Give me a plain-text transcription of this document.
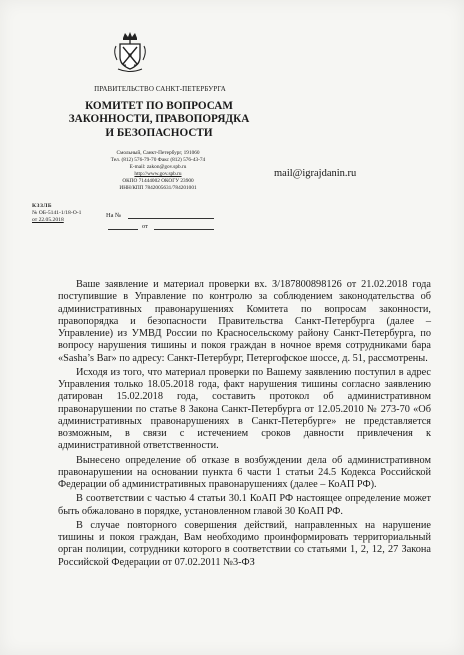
ПРАВИТЕЛЬСТВО САНКТ-ПЕТЕРБУРГА
КОМИТЕТ ПО ВОПРОСАМ
ЗАКОННОСТИ, ПРАВОПОРЯДКА
И БЕЗОПАСНОСТИ
Смольный, Санкт-Петербург, 191060
Тел. (812) 576-79-70 Факс (812) 576-43-74
E-mail: zakon@gov.spb.ru
http://www.gov.spb.ru
ОКПО 71444002 ОКОГУ 23900
ИНН/КПП 7842005631/784201001
mail@igrajdanin.ru
КЗЗЛБ
№ ОБ-5141-1/18-О-1
от 22.05.2018
На №
от

Ваше заявление и материал проверки вх. З/187800898126 от 21.02.2018 года поступившие в Управление по контролю за соблюдением законодательства об административных правонарушениях Комитета по вопросам законности, правопорядка и безопасности Правительства Санкт-Петербурга (далее – Управление) из УМВД России по Красносельскому району Санкт-Петербурга, по вопросу нарушения тишины и покоя граждан в ночное время сотрудниками бара «Sasha’s Bar» по адресу: Санкт-Петербург, Петергофское шоссе, д. 51, рассмотрены.

Исходя из того, что материал проверки по Вашему заявлению поступил в адрес Управления только 18.05.2018 года, факт нарушения тишины согласно заявлению датирован 15.02.2018 года, составить протокол об административном правонарушении по статье 8 Закона Санкт-Петербурга от 12.05.2010 № 273-70 «Об административных правонарушениях в Санкт-Петербурге» не представляется возможным, в связи с истечением сроков давности привлечения к административной ответственности.

Вынесено определение об отказе в возбуждении дела об административном правонарушении на основании пункта 6 части 1 статьи 24.5 Кодекса Российской Федерации об административных правонарушениях (далее – КоАП РФ).

В соответствии с частью 4 статьи 30.1 КоАП РФ настоящее определение может быть обжаловано в порядке, установленном главой 30 КоАП РФ.

В случае повторного совершения действий, направленных на нарушение тишины и покоя граждан, Вам необходимо проинформировать территориальный орган полиции, сотрудники которого в соответствии со статьями 1, 2, 12, 27 Закона Российской Федерации от 07.02.2011 №3-ФЗ
